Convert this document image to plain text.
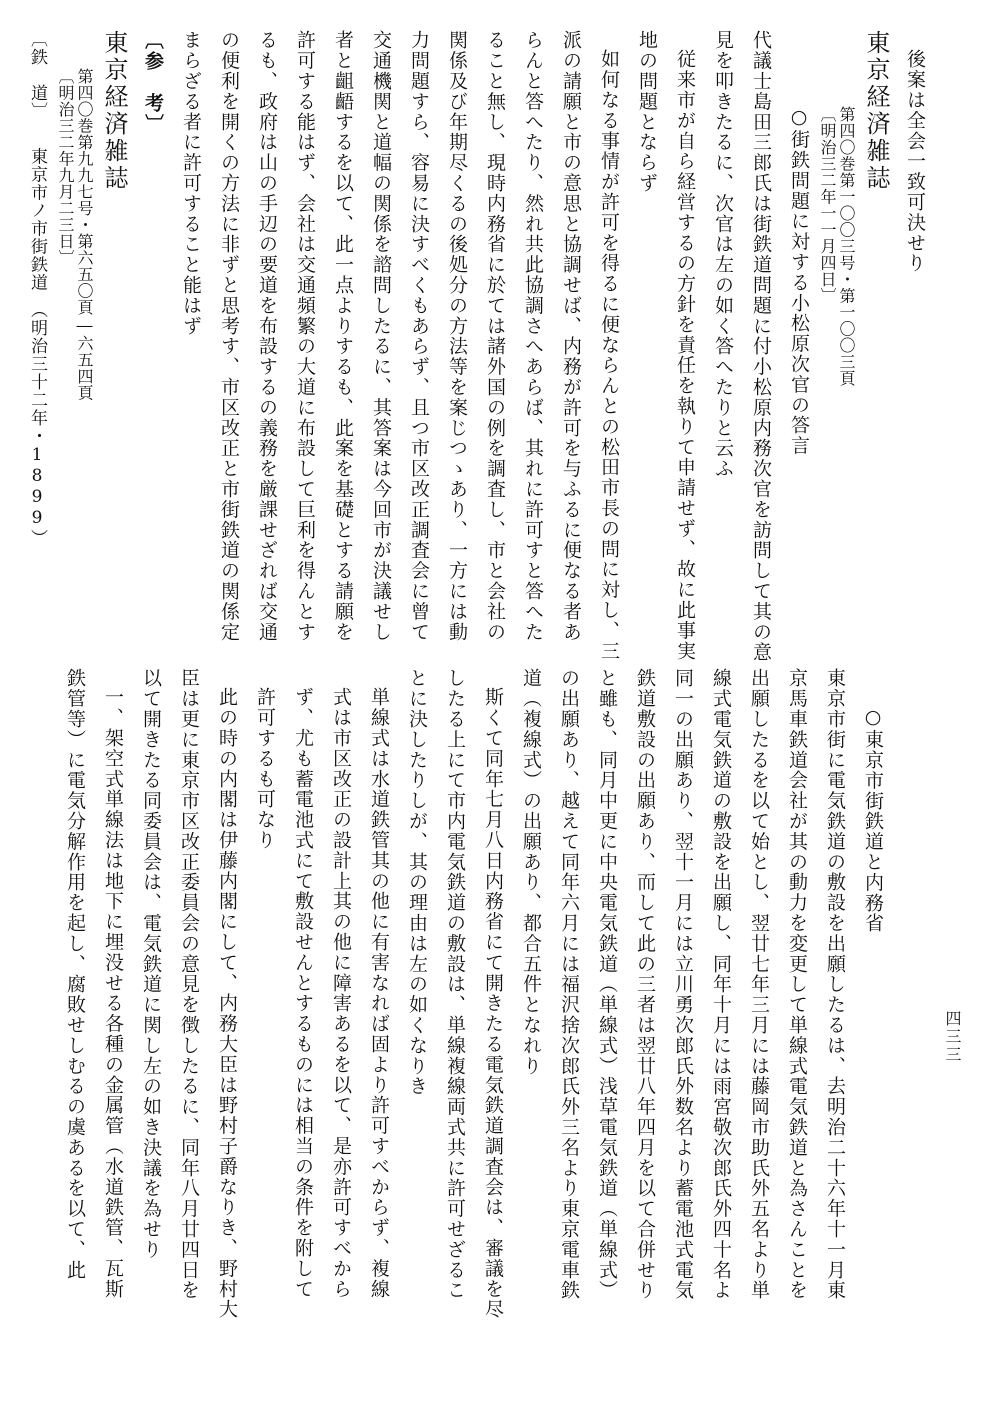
四三三
後案は全会一致可決せり
東京経済雑誌
第四〇巻第一〇〇三号・第一〇〇三頁
〔明治三二年一一月四日〕
○街鉄問題に対する小松原次官の答言
代議士島田三郎氏は街鉄道問題に付小松原内務次官を訪問して其の意
見を叩きたるに、次官は左の如く答へたりと云ふ
従来市が自ら経営するの方針を責任を執りて申請せず、故に此事実
地の問題とならず
如何なる事情が許可を得るに便ならんとの松田市長の問に対し、三
派の請願と市の意思と協調せば、内務が許可を与ふるに便なる者あ
らんと答へたり、然れ共此協調さへあらば、其れに許可すと答へた
ること無し、現時内務省に於ては諸外国の例を調査し、市と会社の
関係及び年期尽くるの後処分の方法等を案じつゝあり、一方には動
力問題すら、容易に決すべくもあらず、且つ市区改正調査会に曾て
交通機関と道幅の関係を諮問したるに、其答案は今回市が決議せし
者と齟齬するを以て、此一点よりするも、此案を基礎とする請願を
許可する能はず、会社は交通頻繁の大道に布設して巨利を得んとす
るも、政府は山の手辺の要道を布設するの義務を厳課せざれば交通
の便利を開くの方法に非ずと思考す、市区改正と市街鉄道の関係定
まらざる者に許可すること能はず
〔参　考〕
東京経済雑誌
第四〇巻第九九七号・第六五〇頁―六五四頁
〔明治三二年九月二三日〕
〔鉄　道〕　　東京市ノ市街鉄道　（明治三十二年・1899）
○東京市街鉄道と内務省
東京市街に電気鉄道の敷設を出願したるは、去明治二十六年十一月東
京馬車鉄道会社が其の動力を変更して単線式電気鉄道と為さんことを
出願したるを以て始とし、翌廿七年三月には藤岡市助氏外五名より単
線式電気鉄道の敷設を出願し、同年十月には雨宮敬次郎氏外四十名よ
同一の出願あり、翌十一月には立川勇次郎氏外数名より蓄電池式電気
鉄道敷設の出願あり、而して此の三者は翌廿八年四月を以て合併せり
と雖も、同月中更に中央電気鉄道（単線式）浅草電気鉄道（単線式）
の出願あり、越えて同年六月には福沢捨次郎氏外三名より東京電車鉄
道（複線式）の出願あり、都合五件となれり
斯くて同年七月八日内務省にて開きたる電気鉄道調査会は、審議を尽
したる上にて市内電気鉄道の敷設は、単線複線両式共に許可せざるこ
とに決したりしが、其の理由は左の如くなりき
単線式は水道鉄管其の他に有害なれば固より許可すべからず、複線
式は市区改正の設計上其の他に障害あるを以て、是亦許可すべから
ず、尤も蓄電池式にて敷設せんとするものには相当の条件を附して
許可するも可なり
此の時の内閣は伊藤内閣にして、内務大臣は野村子爵なりき、野村大
臣は更に東京市区改正委員会の意見を徴したるに、同年八月廿四日を
以て開きたる同委員会は、電気鉄道に関し左の如き決議を為せり
一、架空式単線法は地下に埋没せる各種の金属管（水道鉄管、瓦斯
鉄管等）に電気分解作用を起し、腐敗せしむるの虞あるを以て、此
